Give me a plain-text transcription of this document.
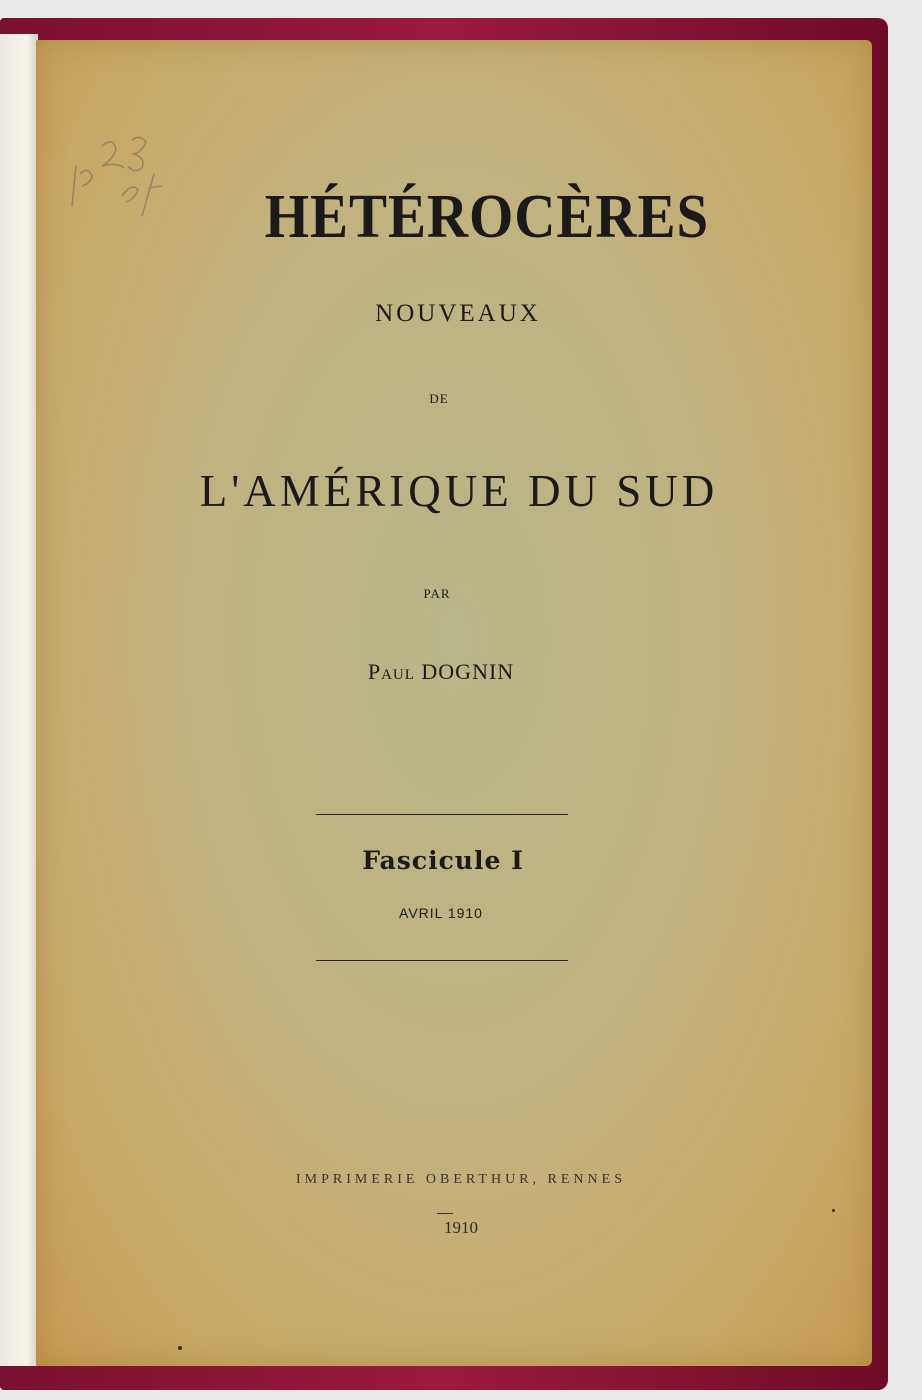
HÉTÉROCÈRES
NOUVEAUX
DE
L'AMÉRIQUE DU SUD
PAR
Paul DOGNIN
Fascicule I
AVRIL 1910
IMPRIMERIE OBERTHUR, RENNES
1910
